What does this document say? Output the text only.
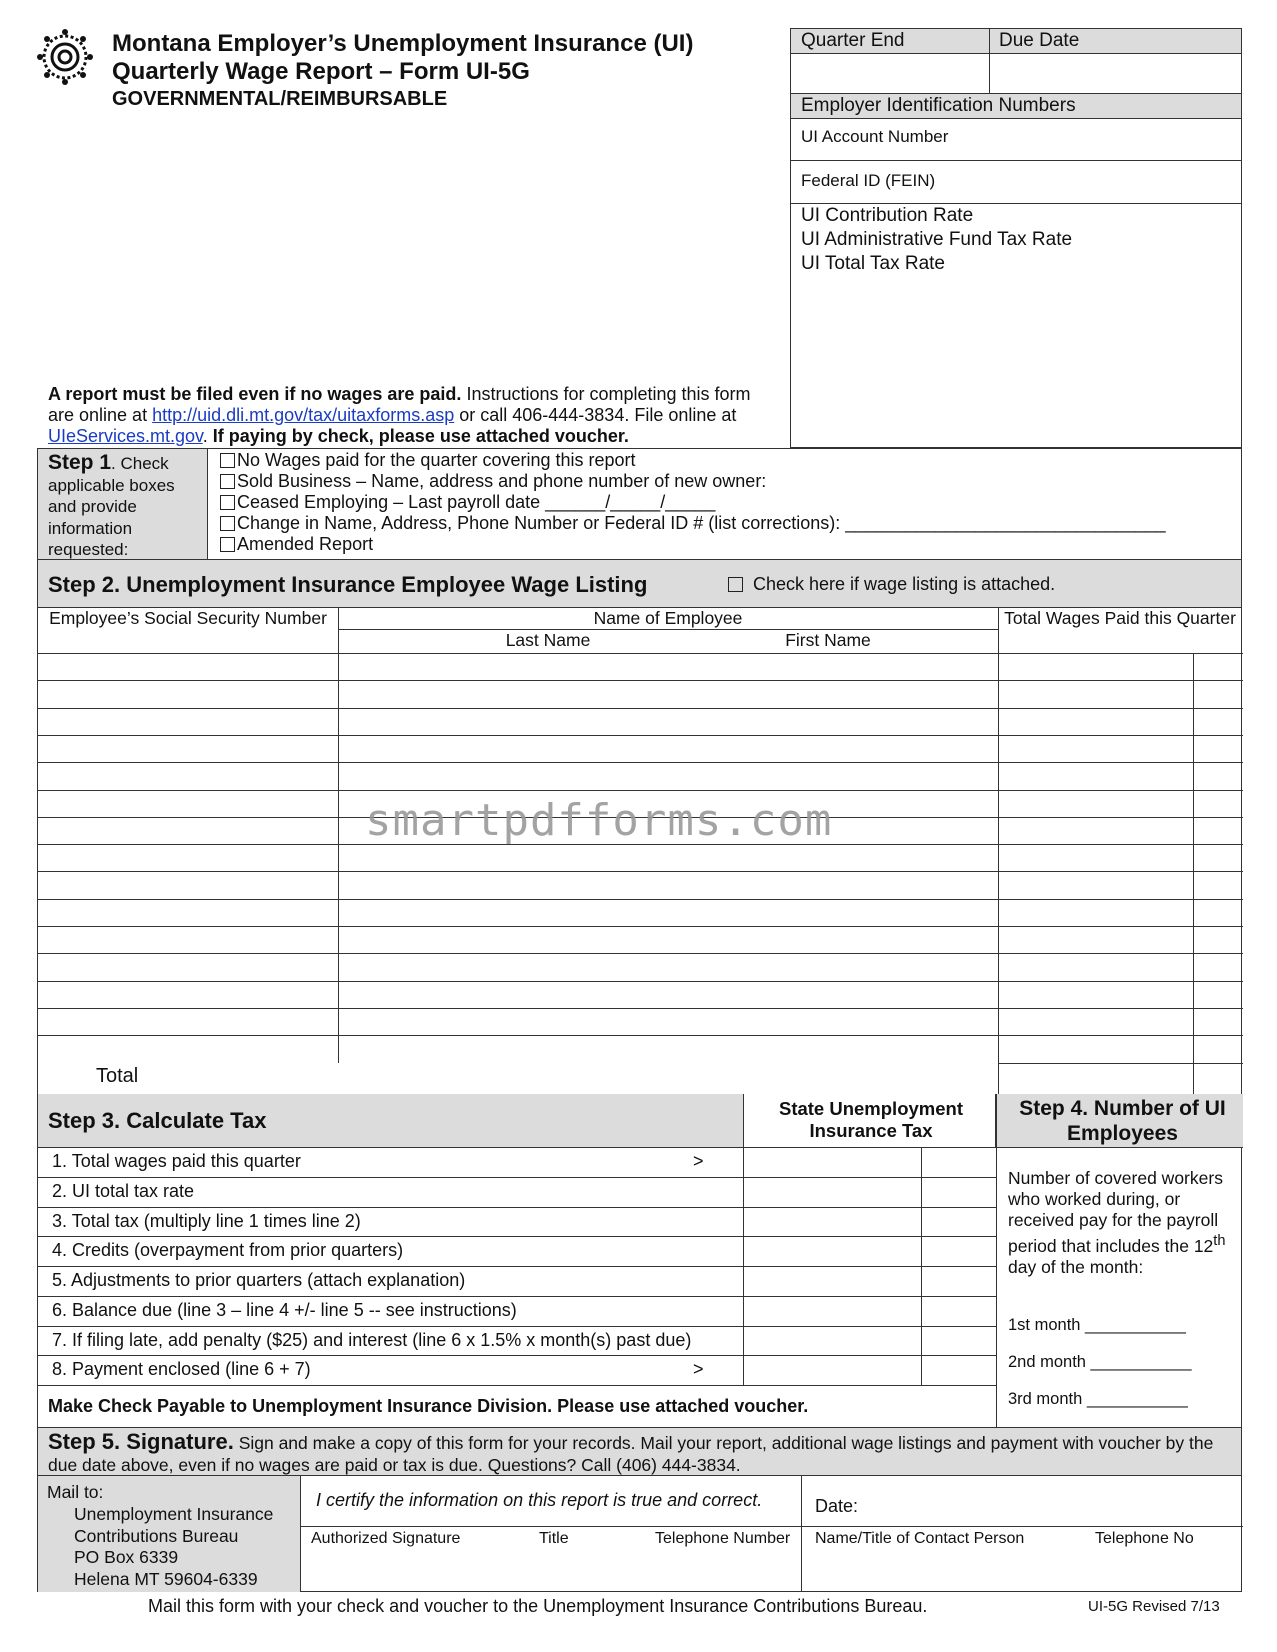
Montana Employer’s Unemployment Insurance (UI)
Quarterly Wage Report – Form UI-5G
GOVERNMENTAL/REIMBURSABLE
Quarter End	Due Date
Employer Identification Numbers
UI Account Number
Federal ID (FEIN)
UI Contribution Rate
UI Administrative Fund Tax Rate
UI Total Tax Rate
A report must be filed even if no wages are paid. Instructions for completing this form are online at http://uid.dli.mt.gov/tax/uitaxforms.asp or call 406-444-3834. File online at UIeServices.mt.gov. If paying by check, please use attached voucher.
Step 1. Check applicable boxes and provide information requested:
No Wages paid for the quarter covering this report
Sold Business – Name, address and phone number of new owner:
Ceased Employing – Last payroll date ______/_____/_____
Change in Name, Address, Phone Number or Federal ID # (list corrections): ________________________________
Amended Report
Step 2. Unemployment Insurance Employee Wage Listing	Check here if wage listing is attached.
Employee’s Social Security Number	Name of Employee
Last Name	First Name
Total Wages Paid this Quarter
Total
smartpdfforms.com
Step 3. Calculate Tax	State Unemployment Insurance Tax
Step 4. Number of UI Employees
1. Total wages paid this quarter	>
2. UI total tax rate
3. Total tax (multiply line 1 times line 2)
4. Credits (overpayment from prior quarters)
5. Adjustments to prior quarters (attach explanation)
6. Balance due (line 3 – line 4 +/- line 5 -- see instructions)
7. If filing late, add penalty ($25) and interest (line 6 x 1.5% x month(s) past due)
8. Payment enclosed (line 6 + 7)	>
Make Check Payable to Unemployment Insurance Division. Please use attached voucher.
Number of covered workers who worked during, or received pay for the payroll period that includes the 12th day of the month:
1st month ___________
2nd month ___________
3rd month ___________
Step 5. Signature. Sign and make a copy of this form for your records. Mail your report, additional wage listings and payment with voucher by the due date above, even if no wages are paid or tax is due. Questions? Call (406) 444-3834.
Mail to:
Unemployment Insurance
Contributions Bureau
PO Box 6339
Helena MT 59604-6339
I certify the information on this report is true and correct.	Date:
Authorized Signature	Title	Telephone Number Name/Title of Contact Person	Telephone No
Mail this form with your check and voucher to the Unemployment Insurance Contributions Bureau.	UI-5G Revised 7/13
